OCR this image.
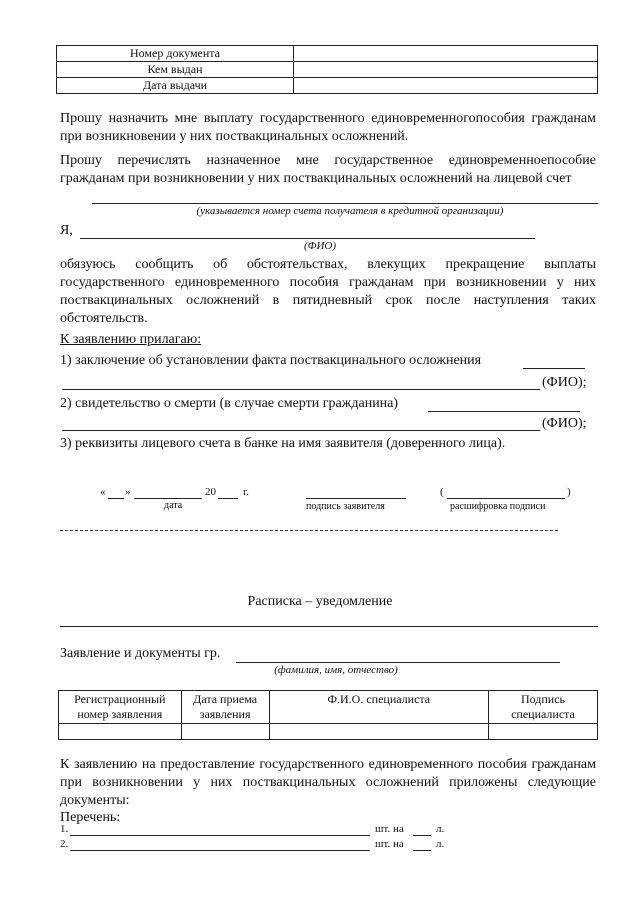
Номер документа	
Кем выдан	
Дата выдачи	
Прошу назначить мне выплату государственного единовременногопособия гражданам при возникновении у них поствакцинальных осложнений.
Прошу перечислять назначенное мне государственное единовременноепособие гражданам при возникновении у них поствакцинальных осложнений на лицевой счет
(указывается номер счета получателя в кредитной организации)
Я,
(ФИО)
обязуюсь сообщить об обстоятельствах, влекущих прекращение выплаты государственного единовременного пособия гражданам при возникновении у них поствакцинальных осложнений в пятидневный срок после наступления таких обстоятельств.
К заявлению прилагаю:
1) заключение об установлении факта поствакцинального осложнения
(ФИО);
2) свидетельство о смерти (в случае смерти гражданина)
(ФИО);
3) реквизиты лицевого счета в банке на имя заявителя (доверенного лица).
« »	20 г.
дата	подпись заявителя
(	)
расшифровка подписи
Расписка – уведомление
Заявление и документы гр.
(фамилия, имя, отчество)
Регистрационный номер заявления	Дата приема заявления	Ф.И.О. специалиста	Подпись специалиста

К заявлению на предоставление государственного единовременного пособия гражданам при возникновении у них поствакцинальных осложнений приложены следующие документы:
Перечень:
1.	шт. на	л.
2.	шт. на	л.
